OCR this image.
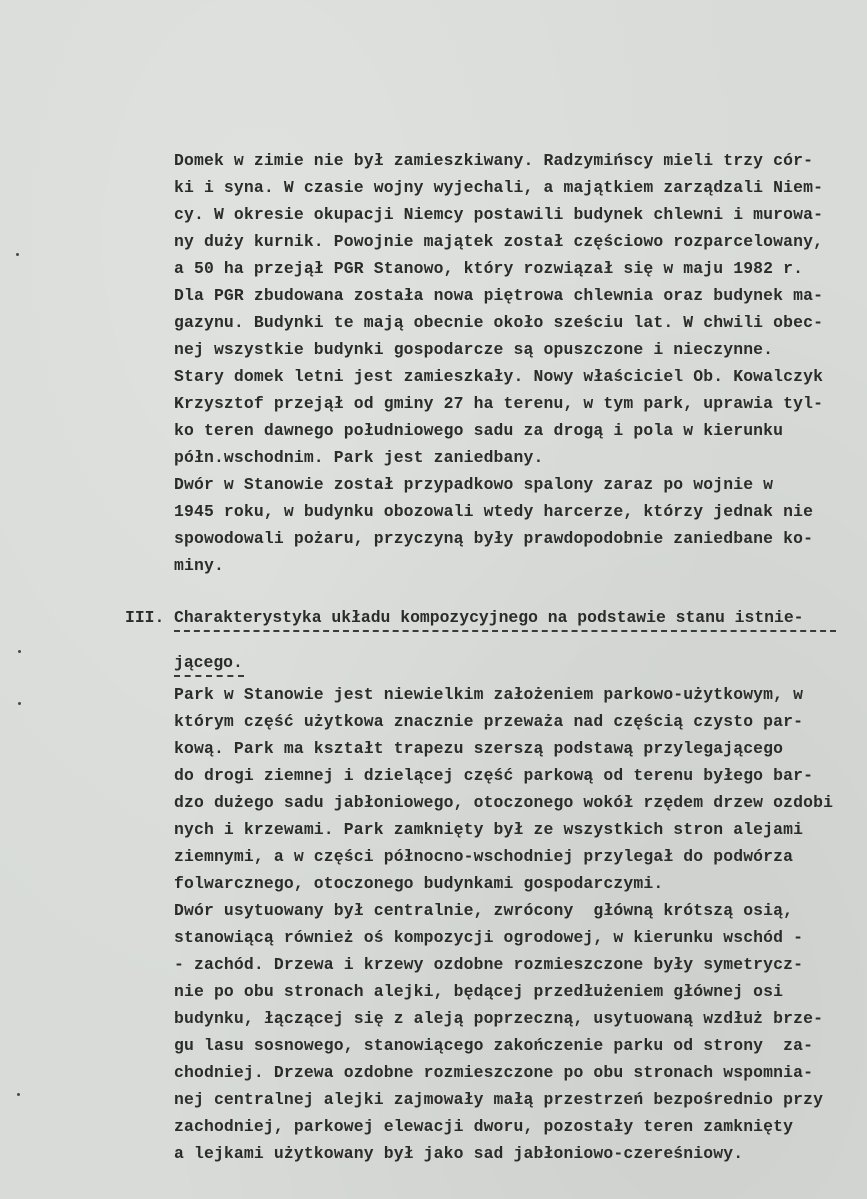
Domek w zimie nie był zamieszkiwany. Radzymińscy mieli trzy cór-
ki i syna. W czasie wojny wyjechali, a majątkiem zarządzali Niem-
cy. W okresie okupacji Niemcy postawili budynek chlewni i murowa-
ny duży kurnik. Powojnie majątek został częściowo rozparcelowany,
a 50 ha przejął PGR Stanowo, który rozwiązał się w maju 1982 r.
Dla PGR zbudowana została nowa piętrowa chlewnia oraz budynek ma-
gazynu. Budynki te mają obecnie około sześciu lat. W chwili obec-
nej wszystkie budynki gospodarcze są opuszczone i nieczynne.
Stary domek letni jest zamieszkały. Nowy właściciel Ob. Kowalczyk
Krzysztof przejął od gminy 27 ha terenu, w tym park, uprawia tyl-
ko teren dawnego południowego sadu za drogą i pola w kierunku
półn.wschodnim. Park jest zaniedbany.
Dwór w Stanowie został przypadkowo spalony zaraz po wojnie w
1945 roku, w budynku obozowali wtedy harcerze, którzy jednak nie
spowodowali pożaru, przyczyną były prawdopodobnie zaniedbane ko-
miny.
III. Charakterystyka układu kompozycyjnego na podstawie stanu istnie-
jącego.
Park w Stanowie jest niewielkim założeniem parkowo-użytkowym, w
którym część użytkowa znacznie przeważa nad częścią czysto par-
kową. Park ma kształt trapezu szerszą podstawą przylegającego
do drogi ziemnej i dzielącej część parkową od terenu byłego bar-
dzo dużego sadu jabłoniowego, otoczonego wokół rzędem drzew ozdobi
nych i krzewami. Park zamknięty był ze wszystkich stron alejami
ziemnymi, a w części północno-wschodniej przylegał do podwórza
folwarcznego, otoczonego budynkami gospodarczymi.
Dwór usytuowany był centralnie, zwrócony  główną krótszą osią,
stanowiącą również oś kompozycji ogrodowej, w kierunku wschód -
- zachód. Drzewa i krzewy ozdobne rozmieszczone były symetrycz-
nie po obu stronach alejki, będącej przedłużeniem głównej osi
budynku, łączącej się z aleją poprzeczną, usytuowaną wzdłuż brze-
gu lasu sosnowego, stanowiącego zakończenie parku od strony  za-
chodniej. Drzewa ozdobne rozmieszczone po obu stronach wspomnia-
nej centralnej alejki zajmowały małą przestrzeń bezpośrednio przy
zachodniej, parkowej elewacji dworu, pozostały teren zamknięty
a lejkami użytkowany był jako sad jabłoniowo-czereśniowy.
